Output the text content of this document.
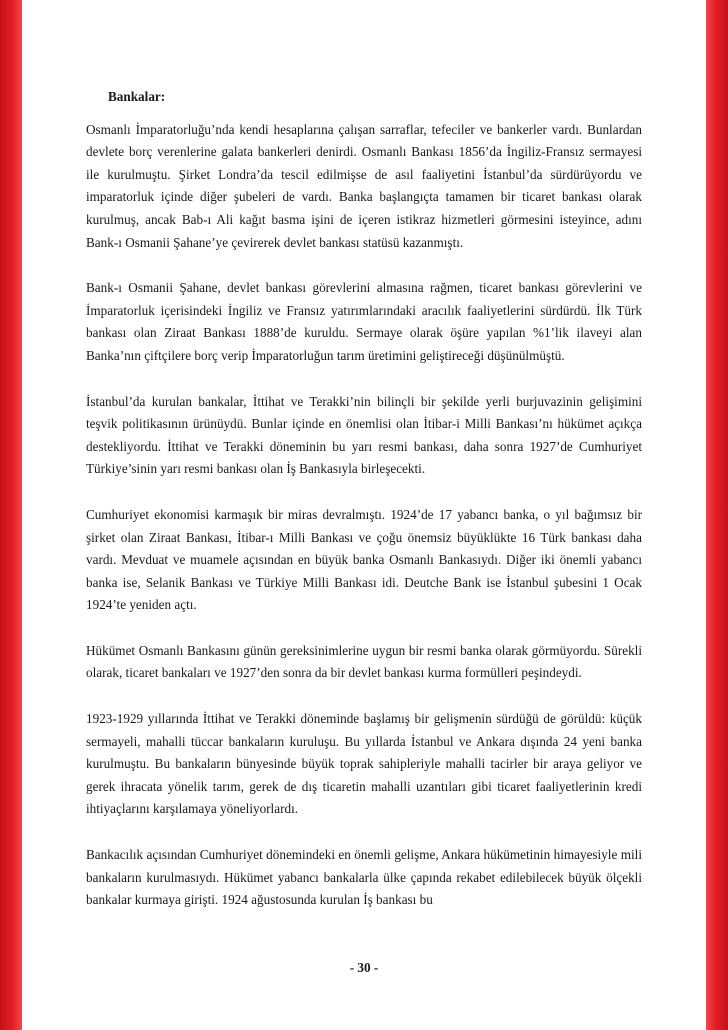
Bankalar:

Osmanlı İmparatorluğu’nda kendi hesaplarına çalışan sarraflar, tefeciler ve bankerler vardı. Bunlardan devlete borç verenlerine galata bankerleri denirdi. Osmanlı Bankası 1856’da İngiliz-Fransız sermayesi ile kurulmuştu. Şirket Londra’da tescil edilmişse de asıl faaliyetini İstanbul’da sürdürüyordu ve imparatorluk içinde diğer şubeleri de vardı. Banka başlangıçta tamamen bir ticaret bankası olarak kurulmuş, ancak Bab-ı Ali kağıt basma işini de içeren istikraz hizmetleri görmesini isteyince, adını Bank-ı Osmanii Şahane’ye çevirerek devlet bankası statüsü kazanmıştı.

Bank-ı Osmanii Şahane, devlet bankası görevlerini almasına rağmen, ticaret bankası görevlerini ve İmparatorluk içerisindeki İngiliz ve Fransız yatırımlarındaki aracılık faaliyetlerini sürdürdü. İlk Türk bankası olan Ziraat Bankası 1888’de kuruldu. Sermaye olarak öşüre yapılan %1’lik ilaveyi alan Banka’nın çiftçilere borç verip İmparatorluğun tarım üretimini geliştireceği düşünülmüştü.

İstanbul’da kurulan bankalar, İttihat ve Terakki’nin bilinçli bir şekilde yerli burjuvazinin gelişimini teşvik politikasının ürünüydü. Bunlar içinde en önemlisi olan İtibar-i Milli Bankası’nı hükümet açıkça destekliyordu. İttihat ve Terakki döneminin bu yarı resmi bankası, daha sonra 1927’de Cumhuriyet Türkiye’sinin yarı resmi bankası olan İş Bankasıyla birleşecekti.

Cumhuriyet ekonomisi karmaşık bir miras devralmıştı. 1924’de 17 yabancı banka, o yıl bağımsız bir şirket olan Ziraat Bankası, İtibar-ı Milli Bankası ve çoğu önemsiz büyüklükte 16 Türk bankası daha vardı. Mevduat ve muamele açısından en büyük banka Osmanlı Bankasıydı. Diğer iki önemli yabancı banka ise, Selanik Bankası ve Türkiye Milli Bankası idi. Deutche Bank ise İstanbul şubesini 1 Ocak 1924’te yeniden açtı.

Hükümet Osmanlı Bankasını günün gereksinimlerine uygun bir resmi banka olarak görmüyordu. Sürekli olarak, ticaret bankaları ve 1927’den sonra da bir devlet bankası kurma formülleri peşindeydi.

1923-1929 yıllarında İttihat ve Terakki döneminde başlamış bir gelişmenin sürdüğü de görüldü: küçük sermayeli, mahalli tüccar bankaların kuruluşu. Bu yıllarda İstanbul ve Ankara dışında 24 yeni banka kurulmuştu. Bu bankaların bünyesinde büyük toprak sahipleriyle mahalli tacirler bir araya geliyor ve gerek ihracata yönelik tarım, gerek de dış ticaretin mahalli uzantıları gibi ticaret faaliyetlerinin kredi ihtiyaçlarını karşılamaya yöneliyorlardı.

Bankacılık açısından Cumhuriyet dönemindeki en önemli gelişme, Ankara hükümetinin himayesiyle mili bankaların kurulmasıydı. Hükümet yabancı bankalarla ülke çapında rekabet edilebilecek büyük ölçekli bankalar kurmaya girişti. 1924 ağustosunda kurulan İş bankası bu

- 30 -
